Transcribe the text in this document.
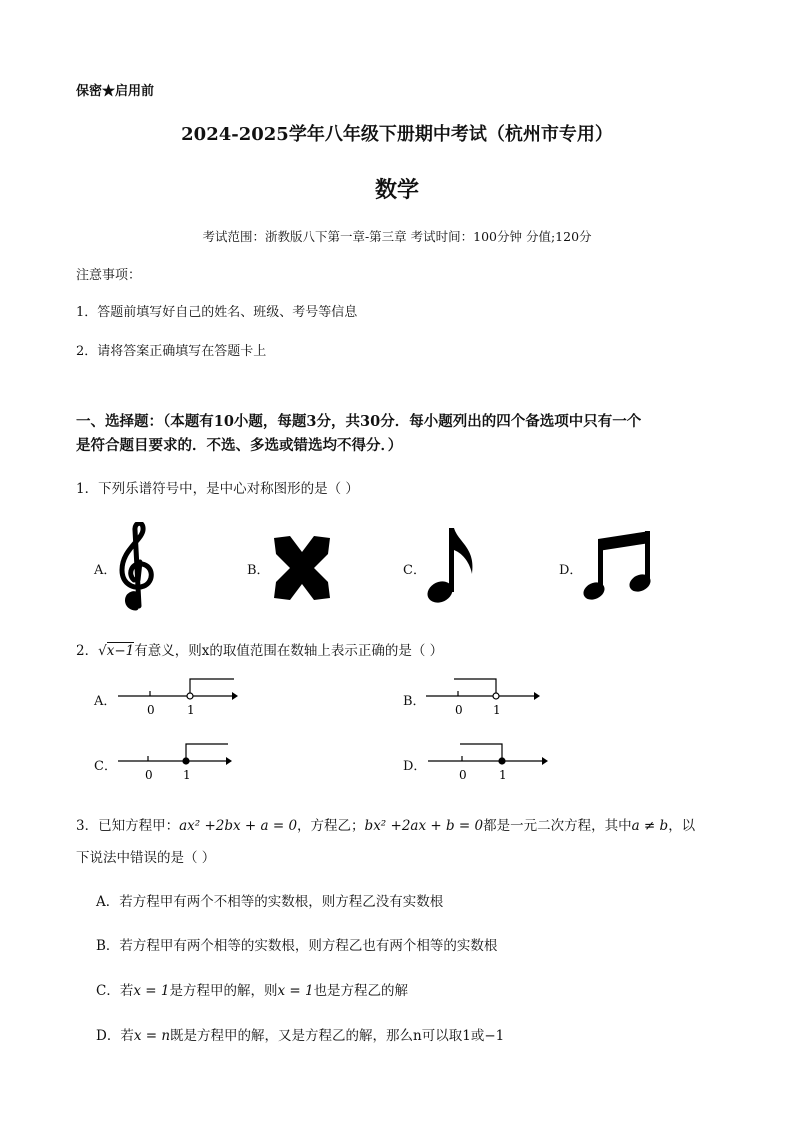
保密★启用前
2024-2025学年八年级下册期中考试（杭州市专用）
数学
考试范围：浙教版八下第一章-第三章 考试时间：100分钟 分值;120分
注意事项：
1．答题前填写好自己的姓名、班级、考号等信息
2．请将答案正确填写在答题卡上
一、选择题：（本题有10小题，每题3分，共30分．每小题列出的四个备选项中只有一个
是符合题目要求的．不选、多选或错选均不得分．）
1．下列乐谱符号中，是中心对称图形的是（ ）
A．	B．	C．	D．
2．√x−1有意义，则x的取值范围在数轴上表示正确的是（ ）
A．
0	1
B．
0	1
C．
0	1
D．
0	1
3．已知方程甲：ax² +2bx + a = 0，方程乙；bx² +2ax + b = 0都是一元二次方程，其中a ≠ b，以
下说法中错误的是（ ）
A．若方程甲有两个不相等的实数根，则方程乙没有实数根
B．若方程甲有两个相等的实数根，则方程乙也有两个相等的实数根
C．若x = 1是方程甲的解，则x = 1也是方程乙的解
D．若x = n既是方程甲的解，又是方程乙的解，那么n可以取1或−1
